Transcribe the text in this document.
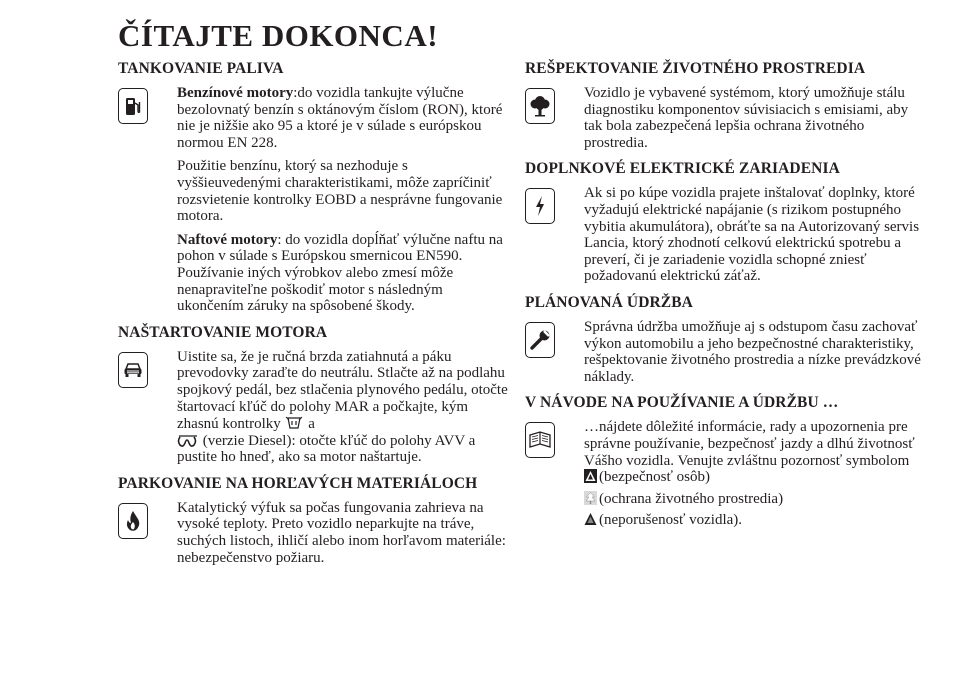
ČÍTAJTE DOKONCA!
TANKOVANIE PALIVA

Benzínové motory:do vozidla tankujte výlučne bezolovnatý benzín s oktánovým číslom (RON), ktoré nie je nižšie ako 95 a ktoré je v súlade s európskou normou EN 228.

Použitie benzínu, ktorý sa nezhoduje s vyššieuvedenými charakteristikami, môže zapríčiniť rozsvietenie kontrolky EOBD a nesprávne fungovanie motora.

Naftové motory: do vozidla dopĺňať výlučne naftu na pohon v súlade s Európskou smernicou EN590. Používanie iných výrobkov alebo zmesí môže nenapraviteľne poškodiť motor s následným ukončením záruky na spôsobené škody.

NAŠTARTOVANIE MOTORA

Uistite sa, že je ručná brzda zatiahnutá a páku prevodovky zaraďte do neutrálu. Stlačte až na podlahu spojkový pedál, bez stlačenia plynového pedálu, otočte štartovací kľúč do polohy MAR a počkajte, kým zhasnú kontrolky a
(verzie Diesel): otočte kľúč do polohy AVV a pustite ho hneď, ako sa motor naštartuje.

PARKOVANIE NA HORĽAVÝCH MATERIÁLOCH

Katalytický výfuk sa počas fungovania zahrieva na vysoké teploty. Preto vozidlo neparkujte na tráve, suchých listoch, ihličí alebo inom horľavom materiále: nebezpečenstvo požiaru.

REŠPEKTOVANIE ŽIVOTNÉHO PROSTREDIA

Vozidlo je vybavené systémom, ktorý umožňuje stálu diagnostiku komponentov súvisiacich s emisiami, aby tak bola zabezpečená lepšia ochrana životného prostredia.

DOPLNKOVÉ ELEKTRICKÉ ZARIADENIA

Ak si po kúpe vozidla prajete inštalovať doplnky, ktoré vyžadujú elektrické napájanie (s rizikom postupného vybitia akumulátora), obráťte sa na Autorizovaný servis Lancia, ktorý zhodnotí celkovú elektrickú spotrebu a preverí, či je zariadenie vozidla schopné zniesť požadovanú elektrickú záťaž.

PLÁNOVANÁ ÚDRŽBA

Správna údržba umožňuje aj s odstupom času zachovať výkon automobilu a jeho bezpečnostné charakteristiky, rešpektovanie životného prostredia a nízke prevádzkové náklady.

V NÁVODE NA POUŽÍVANIE A ÚDRŽBU …

…nájdete dôležité informácie, rady a upozornenia pre správne používanie, bezpečnosť jazdy a dlhú životnosť Vášho vozidla. Venujte zvláštnu pozornosť symbolom (bezpečnosť osôb)

(ochrana životného prostredia)

(neporušenosť vozidla).
